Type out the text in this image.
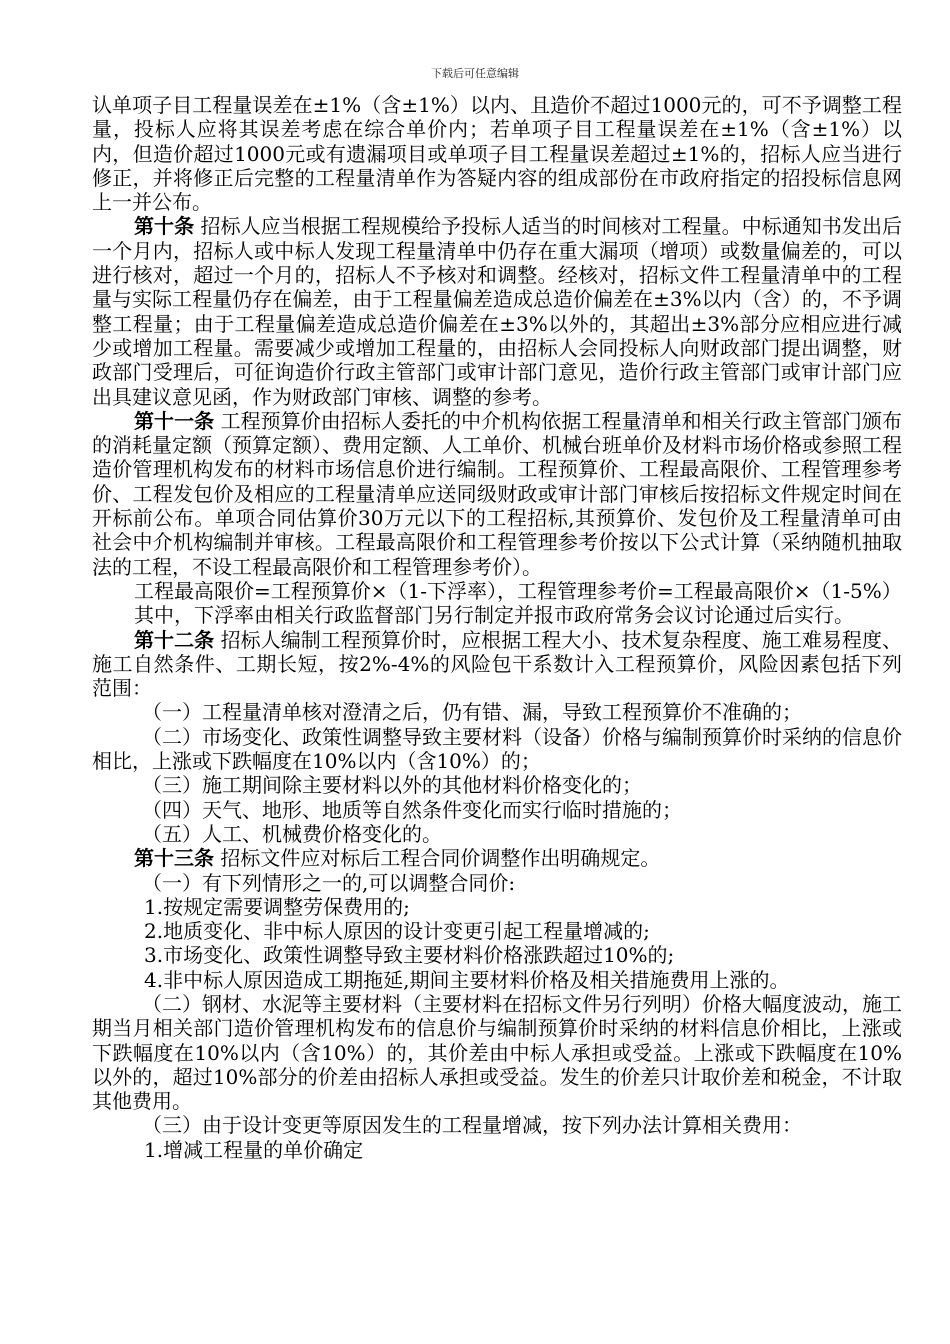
下载后可任意编辑

认单项子目工程量误差在±1%（含±1%）以内、且造价不超过1000元的，可不予调整工程量，投标人应将其误差考虑在综合单价内；若单项子目工程量误差在±1%（含±1%）以内，但造价超过1000元或有遗漏项目或单项子目工程量误差超过±1%的，招标人应当进行修正，并将修正后完整的工程量清单作为答疑内容的组成部份在市政府指定的招投标信息网上一并公布。

第十条 招标人应当根据工程规模给予投标人适当的时间核对工程量。中标通知书发出后一个月内，招标人或中标人发现工程量清单中仍存在重大漏项（增项）或数量偏差的，可以进行核对，超过一个月的，招标人不予核对和调整。经核对，招标文件工程量清单中的工程量与实际工程量仍存在偏差，由于工程量偏差造成总造价偏差在±3%以内（含）的，不予调整工程量；由于工程量偏差造成总造价偏差在±3%以外的，其超出±3%部分应相应进行减少或增加工程量。需要减少或增加工程量的，由招标人会同投标人向财政部门提出调整，财政部门受理后，可征询造价行政主管部门或审计部门意见，造价行政主管部门或审计部门应出具建议意见函，作为财政部门审核、调整的参考。

第十一条 工程预算价由招标人委托的中介机构依据工程量清单和相关行政主管部门颁布的消耗量定额（预算定额）、费用定额、人工单价、机械台班单价及材料市场价格或参照工程造价管理机构发布的材料市场信息价进行编制。工程预算价、工程最高限价、工程管理参考价、工程发包价及相应的工程量清单应送同级财政或审计部门审核后按招标文件规定时间在开标前公布。单项合同估算价30万元以下的工程招标,其预算价、发包价及工程量清单可由社会中介机构编制并审核。工程最高限价和工程管理参考价按以下公式计算（采纳随机抽取法的工程，不设工程最高限价和工程管理参考价）。

工程最高限价=工程预算价×（1-下浮率），工程管理参考价=工程最高限价×（1-5%）

其中，下浮率由相关行政监督部门另行制定并报市政府常务会议讨论通过后实行。

第十二条 招标人编制工程预算价时，应根据工程大小、技术复杂程度、施工难易程度、施工自然条件、工期长短，按2%-4%的风险包干系数计入工程预算价，风险因素包括下列范围：

（一）工程量清单核对澄清之后，仍有错、漏，导致工程预算价不准确的；

（二）市场变化、政策性调整导致主要材料（设备）价格与编制预算价时采纳的信息价相比，上涨或下跌幅度在10%以内（含10%）的；

（三）施工期间除主要材料以外的其他材料价格变化的；

（四）天气、地形、地质等自然条件变化而实行临时措施的；

（五）人工、机械费价格变化的。

第十三条 招标文件应对标后工程合同价调整作出明确规定。

（一）有下列情形之一的,可以调整合同价:

1.按规定需要调整劳保费用的;

2.地质变化、非中标人原因的设计变更引起工程量增减的;

3.市场变化、政策性调整导致主要材料价格涨跌超过10%的;

4.非中标人原因造成工期拖延,期间主要材料价格及相关措施费用上涨的。

（二）钢材、水泥等主要材料（主要材料在招标文件另行列明）价格大幅度波动，施工期当月相关部门造价管理机构发布的信息价与编制预算价时采纳的材料信息价相比，上涨或下跌幅度在10%以内（含10%）的，其价差由中标人承担或受益。上涨或下跌幅度在10%以外的，超过10%部分的价差由招标人承担或受益。发生的价差只计取价差和税金，不计取其他费用。

（三）由于设计变更等原因发生的工程量增减，按下列办法计算相关费用：

1.增减工程量的单价确定
